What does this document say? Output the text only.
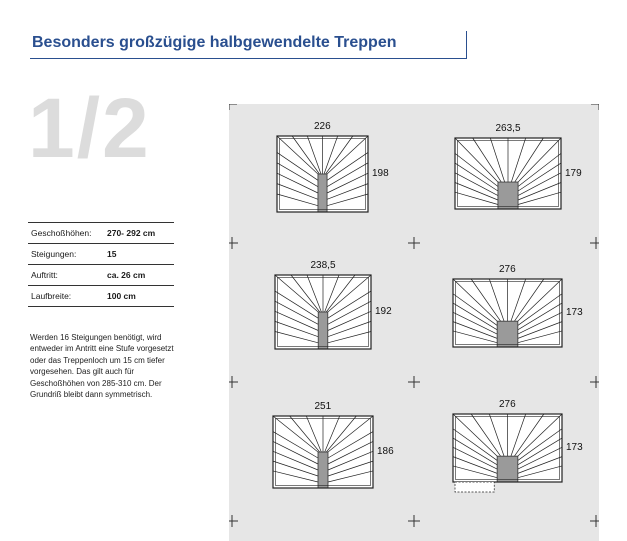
Besonders großzügige halbgewendelte Treppen
1/2
Geschoßhöhen:	270- 292 cm
Steigungen:	15
Auftritt:	ca. 26 cm
Laufbreite:	100 cm
Werden 16 Steigungen benötigt, wird entweder im Antritt eine Stufe vorgesetzt oder das Treppenloch um 15 cm tiefer vorgesehen. Das gilt auch für Geschoßhöhen von 285-310 cm. Der Grundriß bleibt dann symmetrisch.
226
198
263,5
179
238,5
192
276
173
251
186
276
173
